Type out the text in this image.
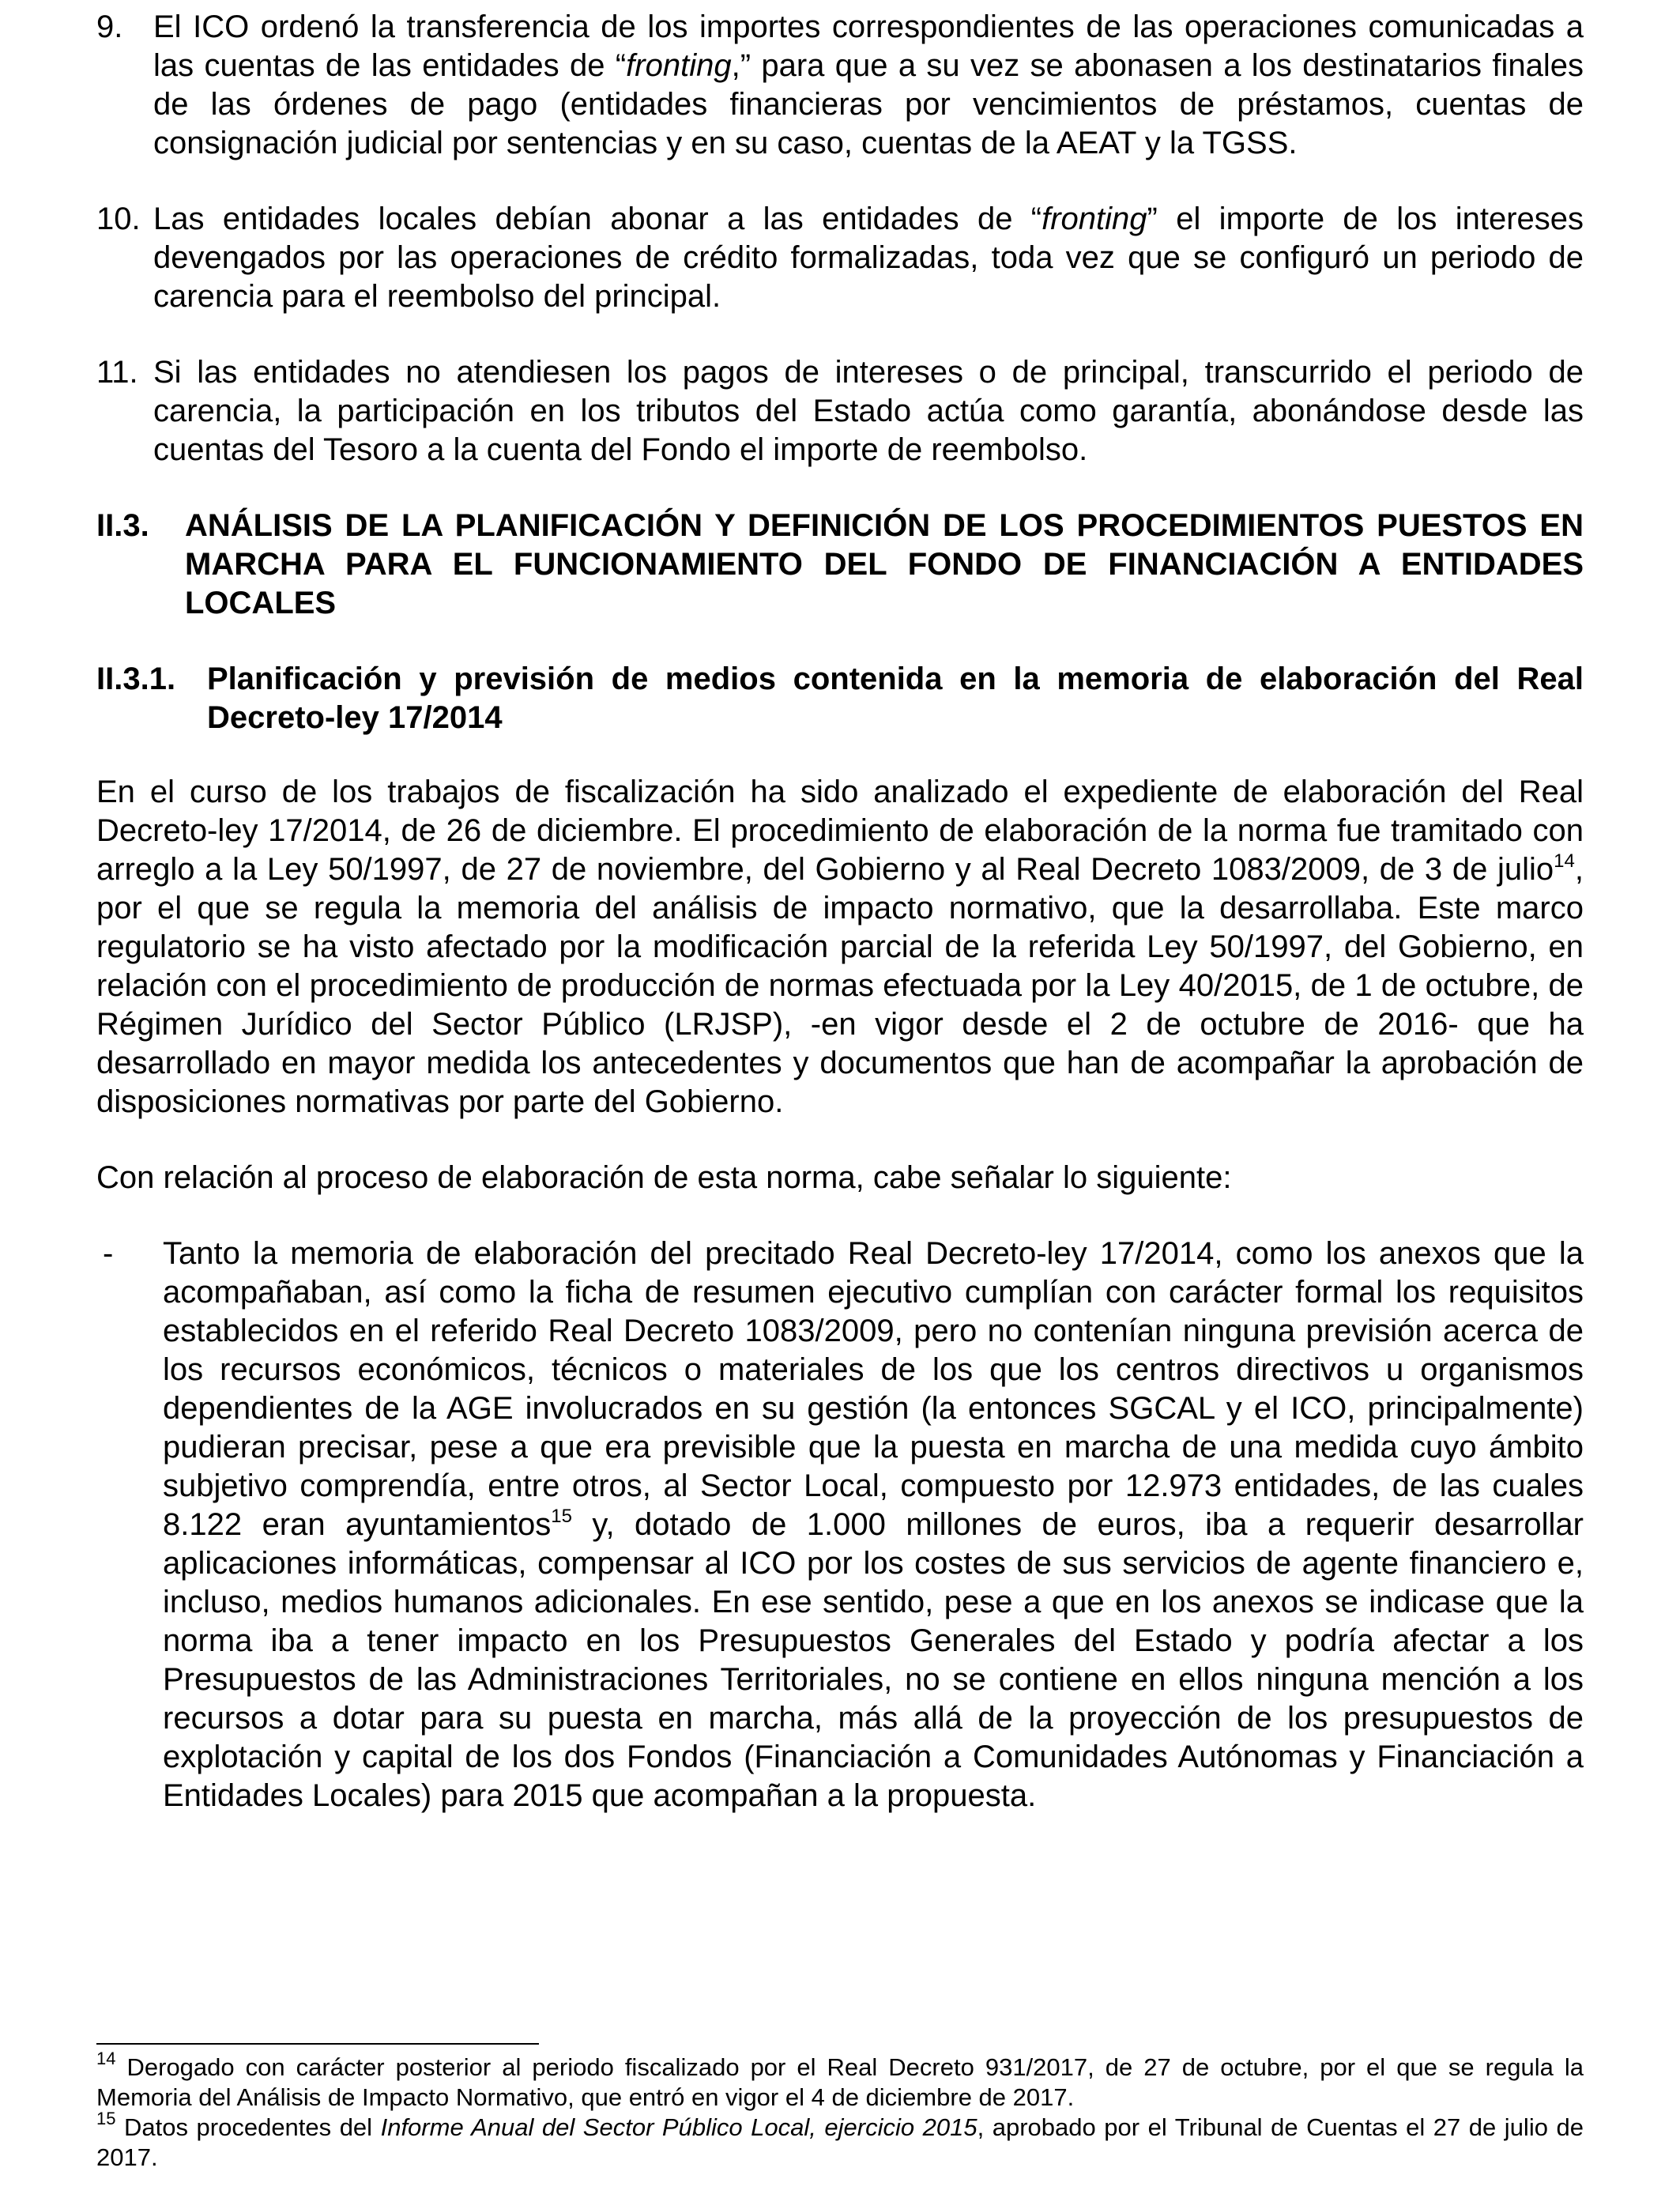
9. El ICO ordenó la transferencia de los importes correspondientes de las operaciones comunicadas a las cuentas de las entidades de “fronting,” para que a su vez se abonasen a los destinatarios finales de las órdenes de pago (entidades financieras por vencimientos de préstamos, cuentas de consignación judicial por sentencias y en su caso, cuentas de la AEAT y la TGSS.
10. Las entidades locales debían abonar a las entidades de “fronting” el importe de los intereses devengados por las operaciones de crédito formalizadas, toda vez que se configuró un periodo de carencia para el reembolso del principal.
11. Si las entidades no atendiesen los pagos de intereses o de principal, transcurrido el periodo de carencia, la participación en los tributos del Estado actúa como garantía, abonándose desde las cuentas del Tesoro a la cuenta del Fondo el importe de reembolso.
II.3. ANÁLISIS DE LA PLANIFICACIÓN Y DEFINICIÓN DE LOS PROCEDIMIENTOS PUESTOS EN MARCHA PARA EL FUNCIONAMIENTO DEL FONDO DE FINANCIACIÓN A ENTIDADES LOCALES
II.3.1. Planificación y previsión de medios contenida en la memoria de elaboración del Real Decreto-ley 17/2014

En el curso de los trabajos de fiscalización ha sido analizado el expediente de elaboración del Real Decreto-ley 17/2014, de 26 de diciembre. El procedimiento de elaboración de la norma fue tramitado con arreglo a la Ley 50/1997, de 27 de noviembre, del Gobierno y al Real Decreto 1083/2009, de 3 de julio$^{14}$, por el que se regula la memoria del análisis de impacto normativo, que la desarrollaba. Este marco regulatorio se ha visto afectado por la modificación parcial de la referida Ley 50/1997, del Gobierno, en relación con el procedimiento de producción de normas efectuada por la Ley 40/2015, de 1 de octubre, de Régimen Jurídico del Sector Público (LRJSP), -en vigor desde el 2 de octubre de 2016- que ha desarrollado en mayor medida los antecedentes y documentos que han de acompañar la aprobación de disposiciones normativas por parte del Gobierno.

Con relación al proceso de elaboración de esta norma, cabe señalar lo siguiente:

- Tanto la memoria de elaboración del precitado Real Decreto-ley 17/2014, como los anexos que la acompañaban, así como la ficha de resumen ejecutivo cumplían con carácter formal los requisitos establecidos en el referido Real Decreto 1083/2009, pero no contenían ninguna previsión acerca de los recursos económicos, técnicos o materiales de los que los centros directivos u organismos dependientes de la AGE involucrados en su gestión (la entonces SGCAL y el ICO, principalmente) pudieran precisar, pese a que era previsible que la puesta en marcha de una medida cuyo ámbito subjetivo comprendía, entre otros, al Sector Local, compuesto por 12.973 entidades, de las cuales 8.122 eran ayuntamientos$^{15}$ y, dotado de 1.000 millones de euros, iba a requerir desarrollar aplicaciones informáticas, compensar al ICO por los costes de sus servicios de agente financiero e, incluso, medios humanos adicionales. En ese sentido, pese a que en los anexos se indicase que la norma iba a tener impacto en los Presupuestos Generales del Estado y podría afectar a los Presupuestos de las Administraciones Territoriales, no se contiene en ellos ninguna mención a los recursos a dotar para su puesta en marcha, más allá de la proyección de los presupuestos de explotación y capital de los dos Fondos (Financiación a Comunidades Autónomas y Financiación a Entidades Locales) para 2015 que acompañan a la propuesta.

$^{14}$ Derogado con carácter posterior al periodo fiscalizado por el Real Decreto 931/2017, de 27 de octubre, por el que se regula la Memoria del Análisis de Impacto Normativo, que entró en vigor el 4 de diciembre de 2017.

$^{15}$ Datos procedentes del Informe Anual del Sector Público Local, ejercicio 2015, aprobado por el Tribunal de Cuentas el 27 de julio de 2017.
